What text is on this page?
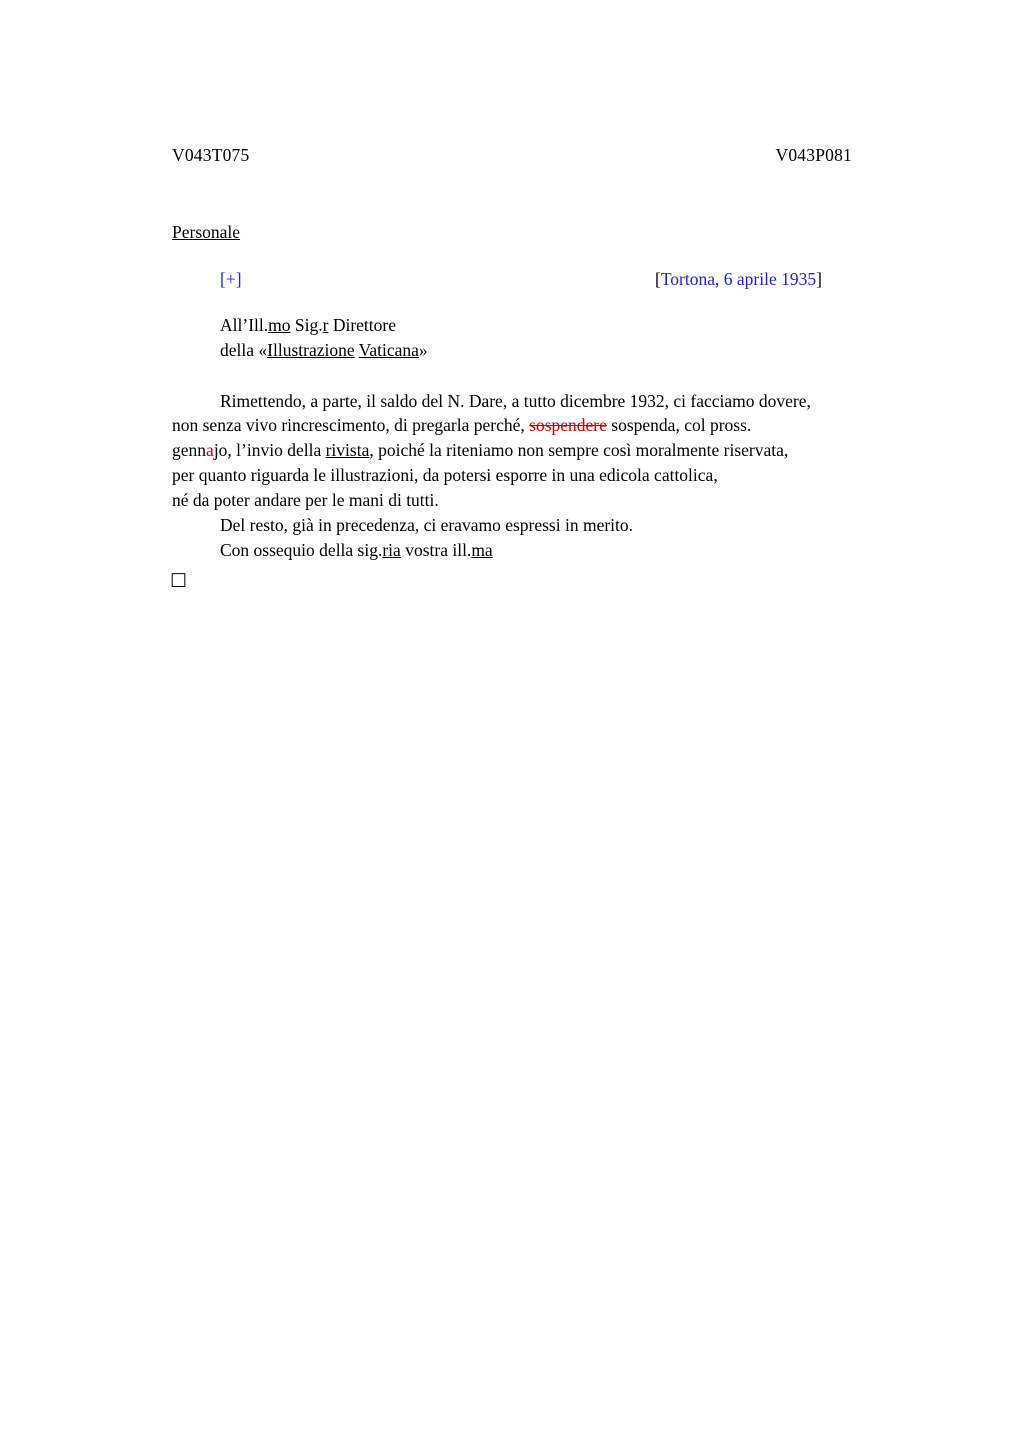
V043T075	V043P081
Personale
[+]	[Tortona, 6 aprile 1935]
All’Ill.mo Sig.r Direttore
della «Illustrazione Vaticana»
Rimettendo, a parte, il saldo del N. Dare, a tutto dicembre 1932, ci facciamo dovere,
non senza vivo rincrescimento, di pregarla perché, sospendere sospenda, col pross.
gennajo, l’invio della rivista, poiché la riteniamo non sempre così moralmente riservata,
per quanto riguarda le illustrazioni, da potersi esporre in una edicola cattolica,
né da poter andare per le mani di tutti.
Del resto, già in precedenza, ci eravamo espressi in merito.
Con ossequio della sig.ria vostra ill.ma
☐
